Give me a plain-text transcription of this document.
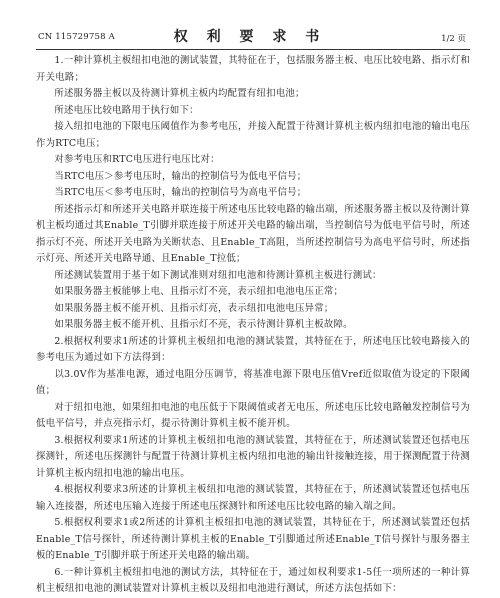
CN 115729758 A	权 利 要 求 书	1/2 页

1.一种计算机主板纽扣电池的测试装置，其特征在于，包括服务器主板、电压比较电路、指示灯和开关电路；

所述服务器主板以及待测计算机主板内均配置有纽扣电池；

所述电压比较电路用于执行如下：

接入纽扣电池的下限电压阈值作为参考电压，并接入配置于待测计算机主板内纽扣电池的输出电压作为RTC电压；

对参考电压和RTC电压进行电压比对：

当RTC电压＞参考电压时，输出的控制信号为低电平信号；

当RTC电压＜参考电压时，输出的控制信号为高电平信号；

所述指示灯和所述开关电路并联连接于所述电压比较电路的输出端，所述服务器主板以及待测计算机主板均通过其Enable_T引脚并联连接于所述开关电路的输出端，当控制信号为低电平信号时，所述指示灯不亮、所述开关电路为关断状态、且Enable_T高阻，当所述控制信号为高电平信号时，所述指示灯亮、所述开关电路导通、且Enable_T拉低；

所述测试装置用于基于如下测试准则对纽扣电池和待测计算机主板进行测试：

如果服务器主板能够上电、且指示灯不亮，表示纽扣电池电压正常；

如果服务器主板不能开机、且指示灯亮，表示纽扣电池电压异常；

如果服务器主板不能开机、且指示灯不亮，表示待测计算机主板故障。

2.根据权利要求1所述的计算机主板纽扣电池的测试装置，其特征在于，所述电压比较电路接入的参考电压为通过如下方法得到：

以3.0V作为基准电源，通过电阻分压调节，将基准电源下限电压值Vref近似取值为设定的下限阈值；

对于纽扣电池，如果纽扣电池的电压低于下限阈值或者无电压，所述电压比较电路触发控制信号为低电平信号，并点亮指示灯，提示待测计算机主板不能开机。

3.根据权利要求1所述的计算机主板纽扣电池的测试装置，其特征在于，所述测试装置还包括电压探测针，所述电压探测针与配置于待测计算机主板内纽扣电池的输出针接触连接，用于探测配置于待测计算机主板内纽扣电池的输出电压。

4.根据权利要求3所述的计算机主板纽扣电池的测试装置，其特征在于，所述测试装置还包括电压输入连接器，所述电压输入连接于所述电压探测针和所述电压比较电路的输入端之间。

5.根据权利要求1或2所述的计算机主板纽扣电池的测试装置，其特征在于，所述测试装置还包括Enable_T信号探针，所述待测计算机主板的Enable_T引脚通过所述Enable_T信号探针与服务器主板的Enable_T引脚并联于所述开关电路的输出端。

6.一种计算机主板纽扣电池的测试方法，其特征在于，通过如权利要求1-5任一项所述的一种计算机主板纽扣电池的测试装置对计算机主板以及纽扣电池进行测试，所述方法包括如下：
